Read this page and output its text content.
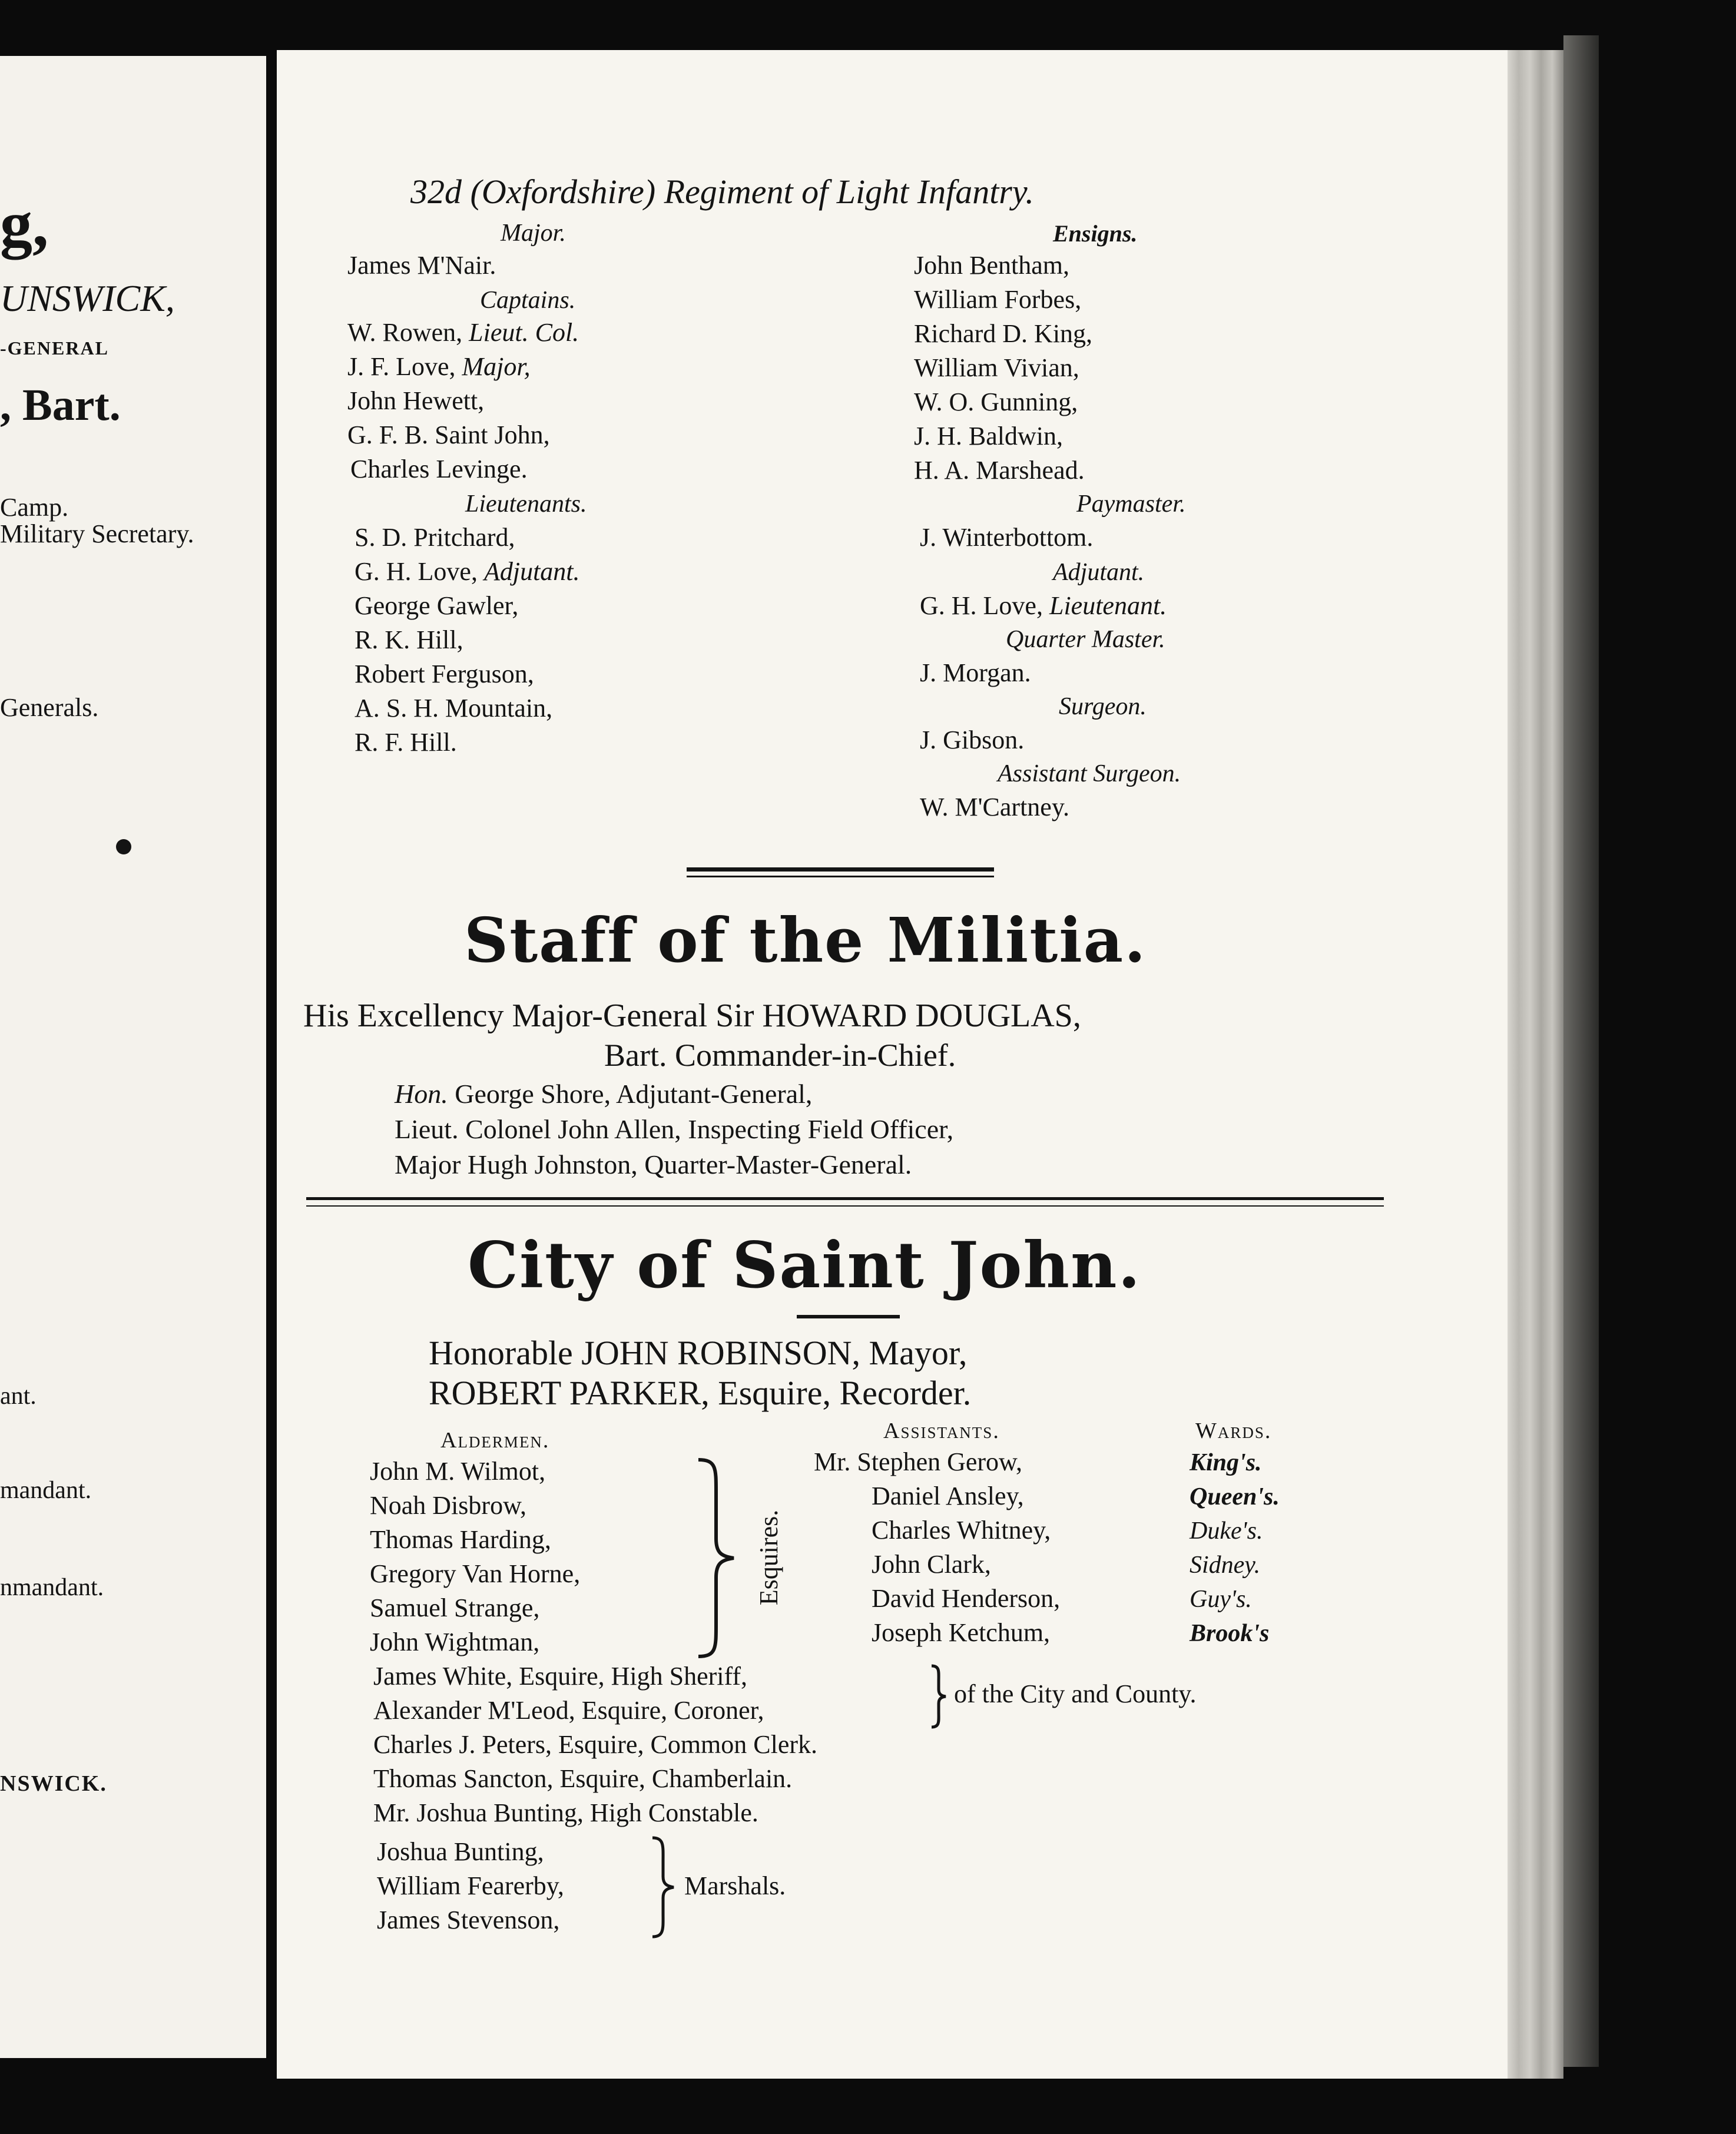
g,
UNSWICK,
-GENERAL
, Bart.
Camp.
Military Secretary.
Generals.
ant.
mandant.
nmandant.
NSWICK.
32d (Oxfordshire) Regiment of Light Infantry.
Major.
James M'Nair.
Captains.
W. Rowen, Lieut. Col.
J. F. Love, Major,
John Hewett,
G. F. B. Saint John,
Charles Levinge.
Lieutenants.
S. D. Pritchard,
G. H. Love, Adjutant.
George Gawler,
R. K. Hill,
Robert Ferguson,
A. S. H. Mountain,
R. F. Hill.
Ensigns.
John Bentham,
William Forbes,
Richard D. King,
William Vivian,
W. O. Gunning,
J. H. Baldwin,
H. A. Marshead.
Paymaster.
J. Winterbottom.
Adjutant.
G. H. Love, Lieutenant.
Quarter Master.
J. Morgan.
Surgeon.
J. Gibson.
Assistant Surgeon.
W. M'Cartney.
Staff of the Militia.
His Excellency Major-General Sir HOWARD DOUGLAS,
Bart. Commander-in-Chief.
Hon. George Shore, Adjutant-General,
Lieut. Colonel John Allen, Inspecting Field Officer,
Major Hugh Johnston, Quarter-Master-General.
City of Saint John.
Honorable JOHN ROBINSON, Mayor,
ROBERT PARKER, Esquire, Recorder.
Aldermen.	Assistants.	Wards.
John M. Wilmot,
Noah Disbrow,
Thomas Harding,
Gregory Van Horne,
Samuel Strange,
John Wightman,
Esquires.
Mr. Stephen Gerow,
Daniel Ansley,
Charles Whitney,
John Clark,
David Henderson,
Joseph Ketchum,
King's.
Queen's.
Duke's.
Sidney.
Guy's.
Brook's
James White, Esquire, High Sheriff,
Alexander M'Leod, Esquire, Coroner,
of the City and County.
Charles J. Peters, Esquire, Common Clerk.
Thomas Sancton, Esquire, Chamberlain.
Mr. Joshua Bunting, High Constable.
Joshua Bunting,
William Fearerby,
James Stevenson,
Marshals.
